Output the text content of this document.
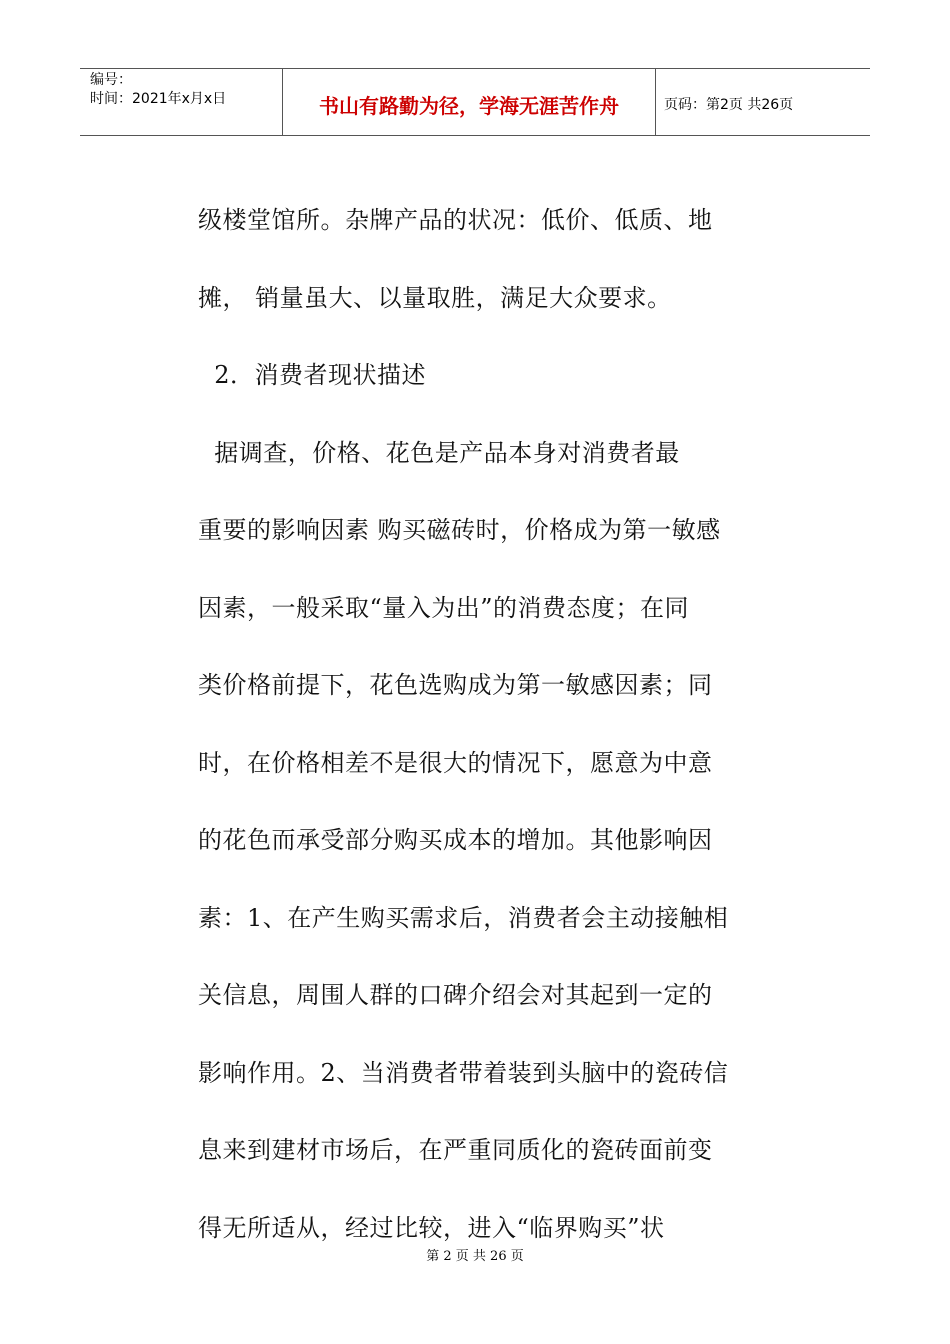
编号：
时间：2021年x月x日	书山有路勤为径，学海无涯苦作舟	页码：第2页 共26页

级楼堂馆所。杂牌产品的状况：低价、低质、地

摊， 销量虽大、以量取胜，满足大众要求。

2．消费者现状描述

据调查，价格、花色是产品本身对消费者最

重要的影响因素 购买磁砖时，价格成为第一敏感

因素，一般采取“量入为出”的消费态度；在同

类价格前提下，花色选购成为第一敏感因素；同

时，在价格相差不是很大的情况下，愿意为中意

的花色而承受部分购买成本的增加。其他影响因

素：1、在产生购买需求后，消费者会主动接触相

关信息，周围人群的口碑介绍会对其起到一定的

影响作用。2、当消费者带着装到头脑中的瓷砖信

息来到建材市场后，在严重同质化的瓷砖面前变

得无所适从，经过比较，进入“临界购买”状

第 2 页 共 26 页
